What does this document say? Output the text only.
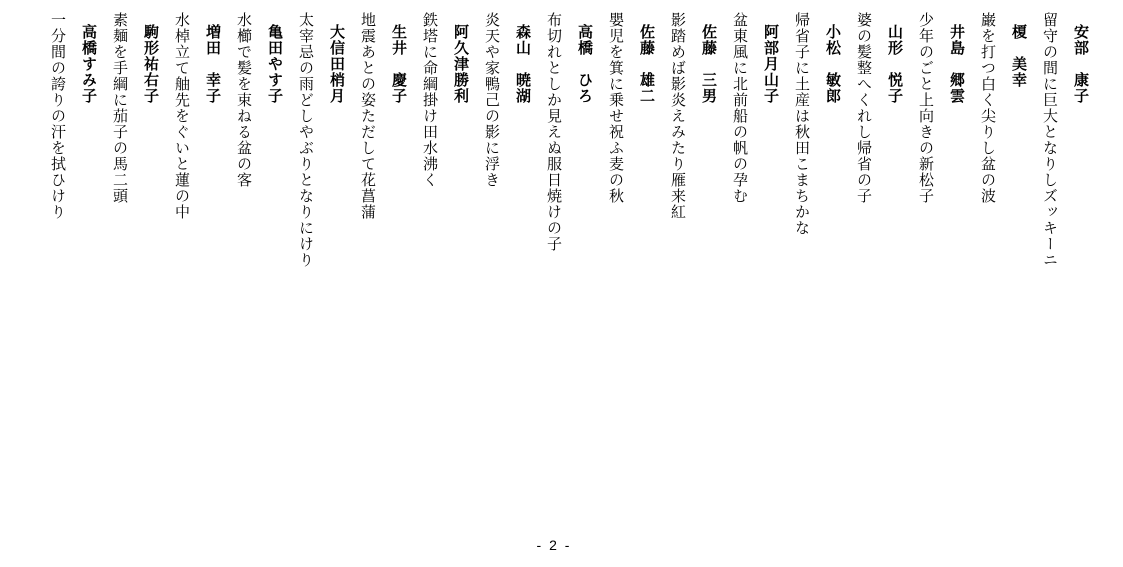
安部　康子
留守の間に巨大となりしズッキーニ
榎　美幸
巌を打つ白く尖りし盆の波
井島　郷雲
少年のごと上向きの新松子
山形　悦子
婆の髪整へくれし帰省の子
小松　敏郎
帰省子に土産は秋田こまちかな
阿部月山子
盆東風に北前船の帆の孕む
佐藤　三男
影踏めば影炎えみたり雁来紅
佐藤　雄二
嬰児を箕に乗せ祝ふ麦の秋
高橋　ひろ
布切れとしか見えぬ服日焼けの子
森山　暁湖
炎天や家鴨己の影に浮き
阿久津勝利
鉄塔に命綱掛け田水沸く
生井　慶子
地震あとの姿ただして花菖蒲
大信田梢月
太宰忌の雨どしやぶりとなりにけり
亀田やす子
水櫛で髪を束ねる盆の客
増田　幸子
水棹立て舳先をぐいと蓮の中
駒形祐右子
素麺を手綱に茄子の馬二頭
高橋すみ子
一分間の誇りの汗を拭ひけり
- 2 -
